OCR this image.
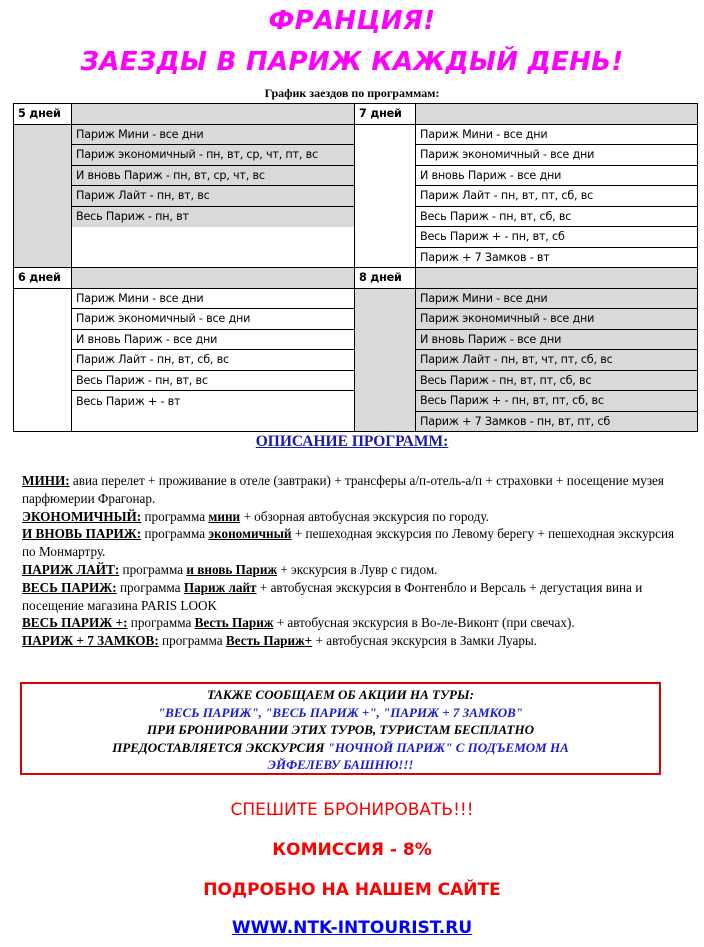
ФРАНЦИЯ!
ЗАЕЗДЫ В ПАРИЖ КАЖДЫЙ ДЕНЬ!
График заездов по программам:
5 дней		7 дней	
	Париж Мини - все дни		Париж Мини - все дни
	Париж экономичный - пн, вт, ср, чт, пт, вс		Париж экономичный - все дни
	И вновь Париж - пн, вт, ср, чт, вс		И вновь Париж - все дни
	Париж Лайт - пн, вт, вс		Париж Лайт - пн, вт, пт, сб, вс
	Весь Париж - пн, вт		Весь Париж - пн, вт, сб, вс
			Весь Париж + - пн, вт, сб
			Париж + 7 Замков - вт
6 дней		8 дней	
	Париж Мини - все дни		Париж Мини - все дни
	Париж экономичный - все дни		Париж экономичный - все дни
	И вновь Париж - все дни		И вновь Париж - все дни
	Париж Лайт - пн, вт, сб, вс		Париж Лайт - пн, вт, чт, пт, сб, вс
	Весь Париж - пн, вт, вс		Весь Париж - пн, вт, пт, сб, вс
	Весь Париж + - вт		Весь Париж + - пн, вт, пт, сб, вс
			Париж + 7 Замков - пн, вт, пт, сб
ОПИСАНИЕ ПРОГРАММ:

МИНИ: авиа перелет + проживание в отеле (завтраки) + трансферы а/п-отель-а/п + страховки + посещение музея парфюмерии Фрагонар.

ЭКОНОМИЧНЫЙ: программа мини + обзорная автобусная экскурсия по городу.

И ВНОВЬ ПАРИЖ: программа экономичный + пешеходная экскурсия по Левому берегу + пешеходная экскурсия по Монмартру.

ПАРИЖ ЛАЙТ: программа и вновь Париж + экскурсия в Лувр с гидом.

ВЕСЬ ПАРИЖ: программа Париж лайт + автобусная экскурсия в Фонтенбло и Версаль + дегустация вина и посещение магазина PARIS LOOK

ВЕСЬ ПАРИЖ +: программа Весть Париж + автобусная экскурсия в Во-ле-Виконт (при свечах).

ПАРИЖ + 7 ЗАМКОВ: программа Весть Париж+ + автобусная экскурсия в Замки Луары.

ТАКЖЕ СООБЩАЕМ ОБ АКЦИИ НА ТУРЫ:
"ВЕСЬ ПАРИЖ", "ВЕСЬ ПАРИЖ +", "ПАРИЖ + 7 ЗАМКОВ"
ПРИ БРОНИРОВАНИИ ЭТИХ ТУРОВ, ТУРИСТАМ БЕСПЛАТНО
ПРЕДОСТАВЛЯЕТСЯ ЭКСКУРСИЯ "НОЧНОЙ ПАРИЖ" С ПОДЪЕМОМ НА
ЭЙФЕЛЕВУ БАШНЮ!!!
СПЕШИТЕ БРОНИРОВАТЬ!!!
КОМИССИЯ - 8%
ПОДРОБНО НА НАШЕМ САЙТЕ
WWW.NTK-INTOURIST.RU
